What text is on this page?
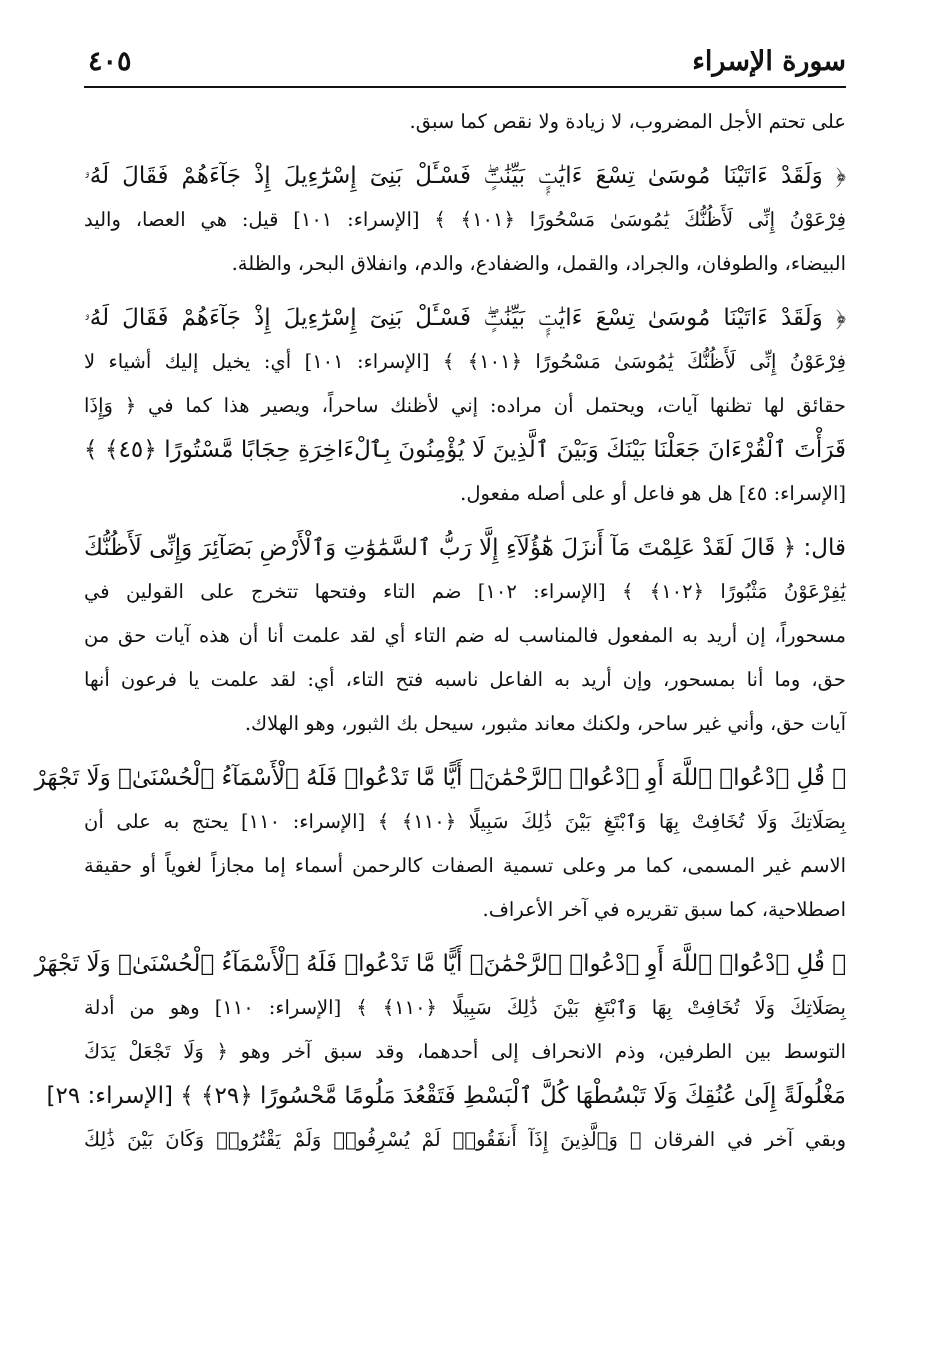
سورة الإسراء
٤٠٥
على تحتم الأجل المضروب، لا زيادة ولا نقص كما سبق.
﴿ وَلَقَدْ ءَاتَيْنَا مُوسَىٰ تِسْعَ ءَايَٰتٍۭ بَيِّنَٰتٍۖ فَسْـَٔلْ بَنِىٓ إِسْرَٰٓءِيلَ إِذْ جَآءَهُمْ فَقَالَ لَهُۥ
فِرْعَوْنُ إِنِّى لَأَظُنُّكَ يَٰمُوسَىٰ مَسْحُورًا ﴿١٠١﴾ ﴾ [الإسراء: ١٠١] قيل: هي العصا، واليد
البيضاء، والطوفان، والجراد، والقمل، والضفادع، والدم، وانفلاق البحر، والظلة.
﴿ وَلَقَدْ ءَاتَيْنَا مُوسَىٰ تِسْعَ ءَايَٰتٍۭ بَيِّنَٰتٍۖ فَسْـَٔلْ بَنِىٓ إِسْرَٰٓءِيلَ إِذْ جَآءَهُمْ فَقَالَ لَهُۥ
فِرْعَوْنُ إِنِّى لَأَظُنُّكَ يَٰمُوسَىٰ مَسْحُورًا ﴿١٠١﴾ ﴾ [الإسراء: ١٠١] أي: يخيل إليك أشياء لا
حقائق لها تظنها آيات، ويحتمل أن مراده: إني لأظنك ساحراً، ويصير هذا كما في ﴿ وَإِذَا
قَرَأْتَ ٱلْقُرْءَانَ جَعَلْنَا بَيْنَكَ وَبَيْنَ ٱلَّذِينَ لَا يُؤْمِنُونَ بِٱلْءَاخِرَةِ حِجَابًا مَّسْتُورًا ﴿٤٥﴾ ﴾
[الإسراء: ٤٥] هل هو فاعل أو على أصله مفعول.
قال: ﴿ قَالَ لَقَدْ عَلِمْتَ مَآ أَنزَلَ هَٰٓؤُلَآءِ إِلَّا رَبُّ ٱلسَّمَٰوَٰتِ وَٱلْأَرْضِ بَصَآئِرَ وَإِنِّى لَأَظُنُّكَ
يَٰفِرْعَوْنُ مَثْبُورًا ﴿١٠٢﴾ ﴾ [الإسراء: ١٠٢] ضم التاء وفتحها تتخرج على القولين في
مسحوراً، إن أريد به المفعول فالمناسب له ضم التاء أي لقد علمت أنا أن هذه آيات حق من
حق، وما أنا بمسحور، وإن أريد به الفاعل ناسبه فتح التاء، أي: لقد علمت يا فرعون أنها
آيات حق، وأني غير ساحر، ولكنك معاند مثبور، سيحل بك الثبور، وهو الهلاك.
﴿ قُلِ ٱدْعُوا۟ ٱللَّهَ أَوِ ٱدْعُوا۟ ٱلرَّحْمَٰنَۖ أَيًّا مَّا تَدْعُوا۟ فَلَهُ ٱلْأَسْمَآءُ ٱلْحُسْنَىٰۚ وَلَا تَجْهَرْ
بِصَلَاتِكَ وَلَا تُخَافِتْ بِهَا وَٱبْتَغِ بَيْنَ ذَٰلِكَ سَبِيلًا ﴿١١٠﴾ ﴾ [الإسراء: ١١٠] يحتج به على أن
الاسم غير المسمى، كما مر وعلى تسمية الصفات كالرحمن أسماء إما مجازاً لغوياً أو حقيقة
اصطلاحية، كما سبق تقريره في آخر الأعراف.
﴿ قُلِ ٱدْعُوا۟ ٱللَّهَ أَوِ ٱدْعُوا۟ ٱلرَّحْمَٰنَۖ أَيًّا مَّا تَدْعُوا۟ فَلَهُ ٱلْأَسْمَآءُ ٱلْحُسْنَىٰۚ وَلَا تَجْهَرْ
بِصَلَاتِكَ وَلَا تُخَافِتْ بِهَا وَٱبْتَغِ بَيْنَ ذَٰلِكَ سَبِيلًا ﴿١١٠﴾ ﴾ [الإسراء: ١١٠] وهو من أدلة
التوسط بين الطرفين، وذم الانحراف إلى أحدهما، وقد سبق آخر وهو ﴿ وَلَا تَجْعَلْ يَدَكَ
مَغْلُولَةً إِلَىٰ عُنُقِكَ وَلَا تَبْسُطْهَا كُلَّ ٱلْبَسْطِ فَتَقْعُدَ مَلُومًا مَّحْسُورًا ﴿٢٩﴾ ﴾ [الإسراء: ٢٩]
وبقي آخر في الفرقان ﴿ وَٱلَّذِينَ إِذَآ أَنفَقُوا۟ لَمْ يُسْرِفُوا۟ وَلَمْ يَقْتُرُوا۟ وَكَانَ بَيْنَ ذَٰلِكَ
